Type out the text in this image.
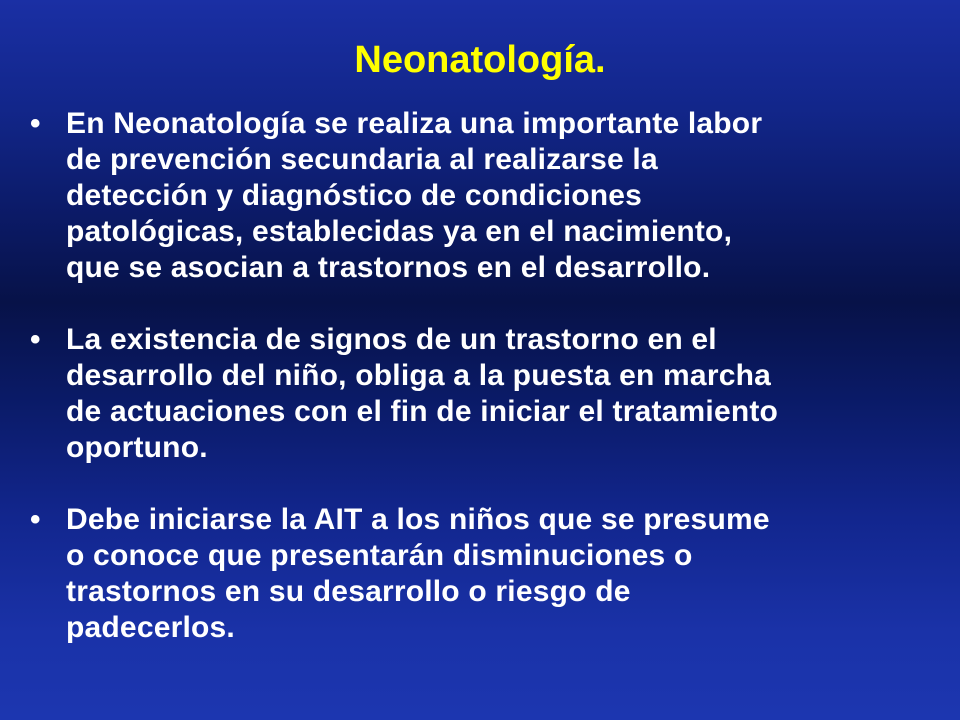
Neonatología.
• En Neonatología se realiza una importante labor
de prevención secundaria al realizarse la
detección y diagnóstico de condiciones
patológicas, establecidas ya en el nacimiento,
que se asocian a trastornos en el desarrollo.
• La existencia de signos de un trastorno en el
desarrollo del niño, obliga a la puesta en marcha
de actuaciones con el fin de iniciar el tratamiento
oportuno.
• Debe iniciarse la AIT a los niños que se presume
o conoce que presentarán disminuciones o
trastornos en su desarrollo o riesgo de
padecerlos.
